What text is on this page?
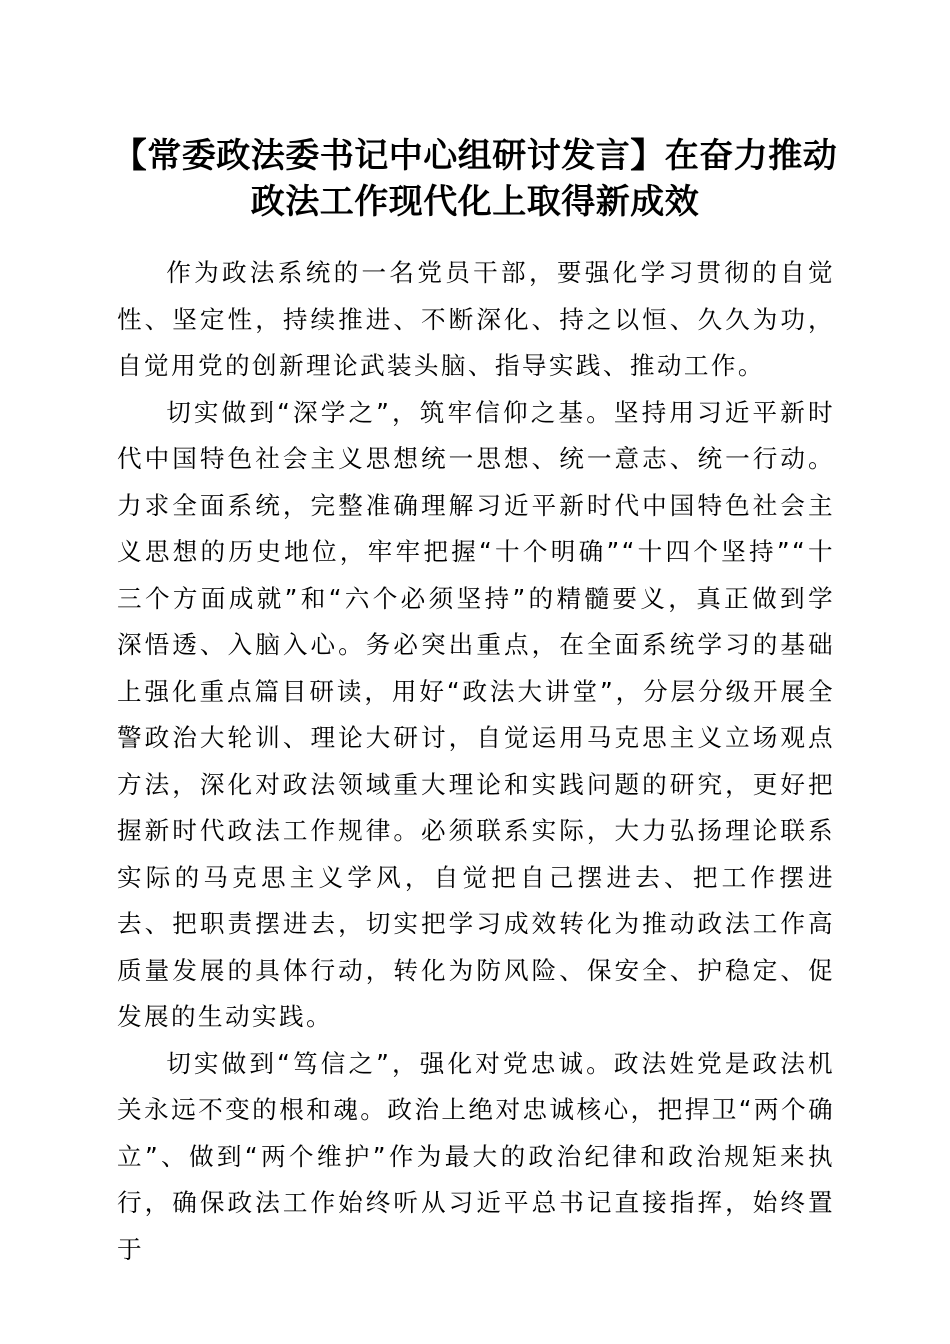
【常委政法委书记中心组研讨发言】在奋力推动政法工作现代化上取得新成效

作为政法系统的一名党员干部，要强化学习贯彻的自觉性、坚定性，持续推进、不断深化、持之以恒、久久为功，自觉用党的创新理论武装头脑、指导实践、推动工作。

切实做到“深学之”，筑牢信仰之基。坚持用习近平新时代中国特色社会主义思想统一思想、统一意志、统一行动。力求全面系统，完整准确理解习近平新时代中国特色社会主义思想的历史地位，牢牢把握“十个明确”“十四个坚持”“十三个方面成就”和“六个必须坚持”的精髓要义，真正做到学深悟透、入脑入心。务必突出重点，在全面系统学习的基础上强化重点篇目研读，用好“政法大讲堂”，分层分级开展全警政治大轮训、理论大研讨，自觉运用马克思主义立场观点方法，深化对政法领域重大理论和实践问题的研究，更好把握新时代政法工作规律。必须联系实际，大力弘扬理论联系实际的马克思主义学风，自觉把自己摆进去、把工作摆进去、把职责摆进去，切实把学习成效转化为推动政法工作高质量发展的具体行动，转化为防风险、保安全、护稳定、促发展的生动实践。

切实做到“笃信之”，强化对党忠诚。政法姓党是政法机关永远不变的根和魂。政治上绝对忠诚核心，把捍卫“两个确立”、做到“两个维护”作为最大的政治纪律和政治规矩来执行，确保政法工作始终听从习近平总书记直接指挥，始终置于
